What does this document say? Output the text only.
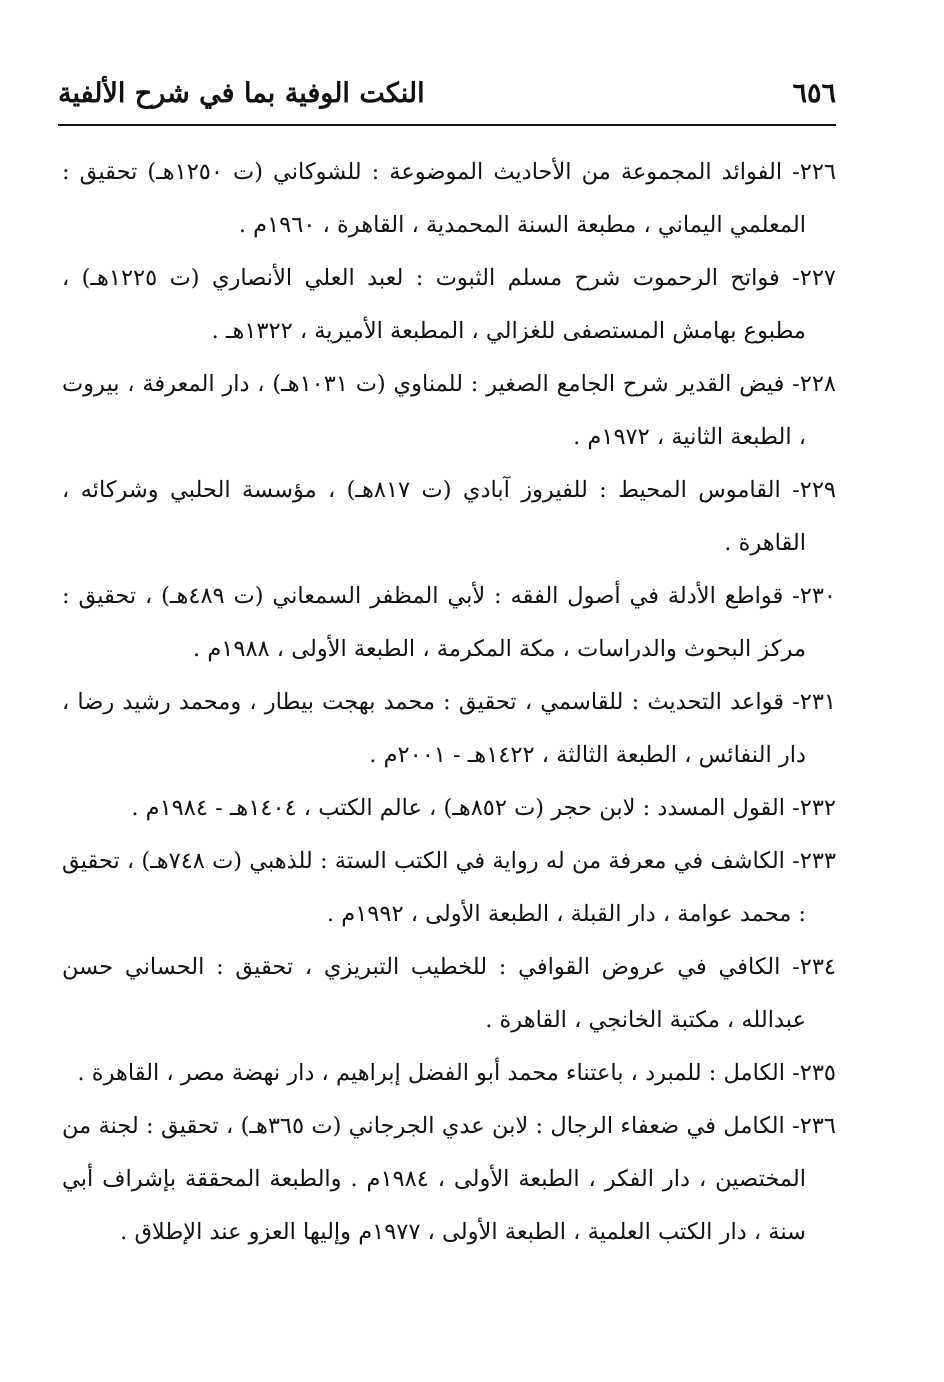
٦٥٦
النكت الوفية بما في شرح الألفية

٢٢٦- الفوائد المجموعة من الأحاديث الموضوعة : للشوكاني (ت ١٢٥٠هـ) تحقيق : المعلمي اليماني ، مطبعة السنة المحمدية ، القاهرة ، ١٩٦٠م .

٢٢٧- فواتح الرحموت شرح مسلم الثبوت : لعبد العلي الأنصاري (ت ١٢٢٥هـ) ، مطبوع بهامش المستصفى للغزالي ، المطبعة الأميرية ، ١٣٢٢هـ .

٢٢٨- فيض القدير شرح الجامع الصغير : للمناوي (ت ١٠٣١هـ) ، دار المعرفة ، بيروت ، الطبعة الثانية ، ١٩٧٢م .

٢٢٩- القاموس المحيط : للفيروز آبادي (ت ٨١٧هـ) ، مؤسسة الحلبي وشركائه ، القاهرة .

٢٣٠- قواطع الأدلة في أصول الفقه : لأبي المظفر السمعاني (ت ٤٨٩هـ) ، تحقيق : مركز البحوث والدراسات ، مكة المكرمة ، الطبعة الأولى ، ١٩٨٨م .

٢٣١- قواعد التحديث : للقاسمي ، تحقيق : محمد بهجت بيطار ، ومحمد رشيد رضا ، دار النفائس ، الطبعة الثالثة ، ١٤٢٢هـ - ٢٠٠١م .

٢٣٢- القول المسدد : لابن حجر (ت ٨٥٢هـ) ، عالم الكتب ، ١٤٠٤هـ - ١٩٨٤م .

٢٣٣- الكاشف في معرفة من له رواية في الكتب الستة : للذهبي (ت ٧٤٨هـ) ، تحقيق : محمد عوامة ، دار القبلة ، الطبعة الأولى ، ١٩٩٢م .

٢٣٤- الكافي في عروض القوافي : للخطيب التبريزي ، تحقيق : الحساني حسن عبدالله ، مكتبة الخانجي ، القاهرة .

٢٣٥- الكامل : للمبرد ، باعتناء محمد أبو الفضل إبراهيم ، دار نهضة مصر ، القاهرة .

٢٣٦- الكامل في ضعفاء الرجال : لابن عدي الجرجاني (ت ٣٦٥هـ) ، تحقيق : لجنة من المختصين ، دار الفكر ، الطبعة الأولى ، ١٩٨٤م . والطبعة المحققة بإشراف أبي سنة ، دار الكتب العلمية ، الطبعة الأولى ، ١٩٧٧م وإليها العزو عند الإطلاق .
